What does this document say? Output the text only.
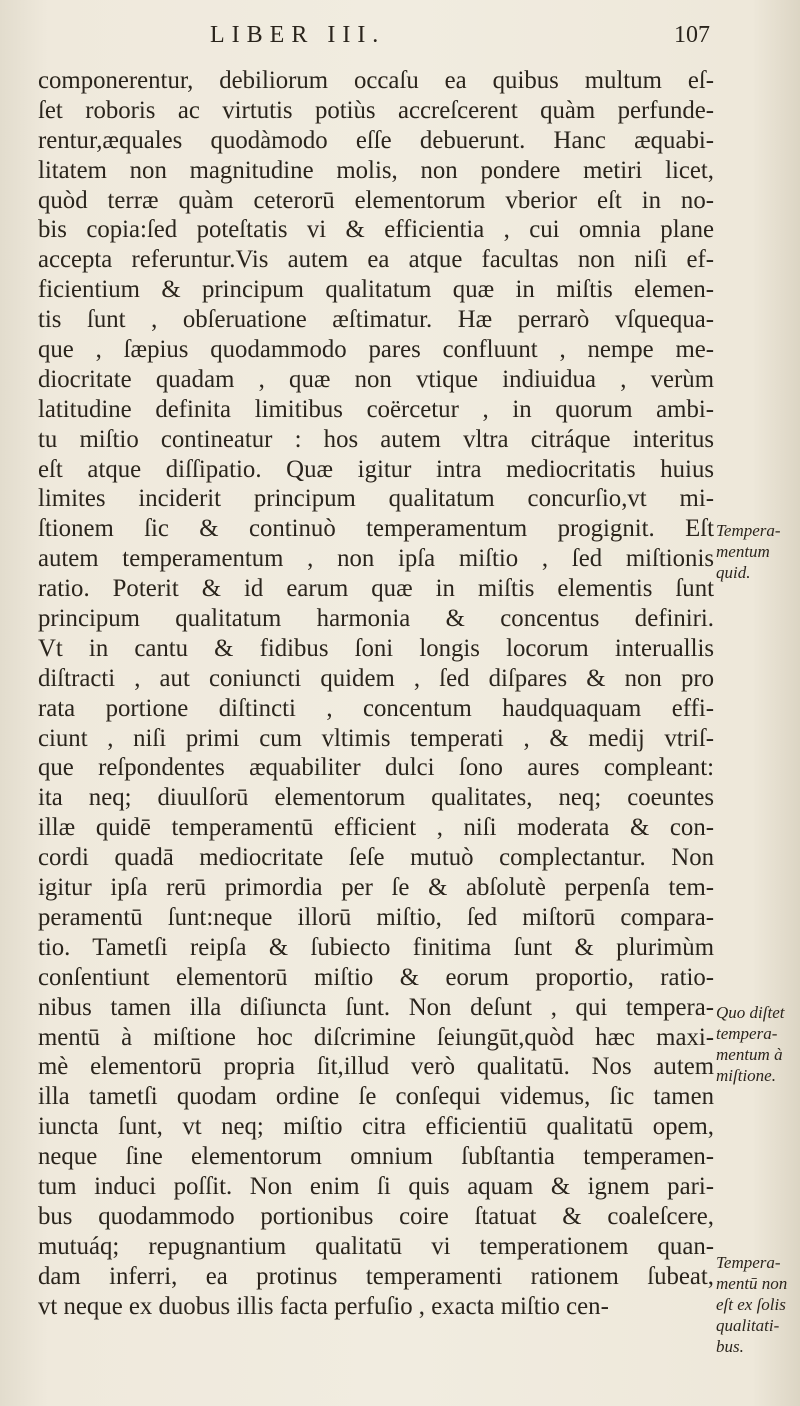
LIBER III.	107
componerentur, debiliorum occaſu ea quibus multum eſ-
ſet roboris ac virtutis potiùs accreſcerent quàm perfunde-
rentur,æquales quodàmodo eſſe debuerunt. Hanc æquabi-
litatem non magnitudine molis, non pondere metiri licet,
quòd terræ quàm ceterorū elementorum vberior eſt in no-
bis copia:ſed poteſtatis vi & efficientia , cui omnia plane
accepta referuntur.Vis autem ea atque facultas non niſi ef-
ficientium & principum qualitatum quæ in miſtis elemen-
tis ſunt , obſeruatione æſtimatur. Hæ perrarò vſquequa-
que , ſæpius quodammodo pares confluunt , nempe me-
diocritate quadam , quæ non vtique indiuidua , verùm
latitudine definita limitibus coërcetur , in quorum ambi-
tu miſtio contineatur : hos autem vltra citráque interitus
eſt atque diſſipatio. Quæ igitur intra mediocritatis huius
limites inciderit principum qualitatum concurſio,vt mi-
ſtionem ſic & continuò temperamentum progignit. Eſt
autem temperamentum , non ipſa miſtio , ſed miſtionis
ratio. Poterit & id earum quæ in miſtis elementis ſunt
principum qualitatum harmonia & concentus definiri.
Vt in cantu & fidibus ſoni longis locorum interuallis
diſtracti , aut coniuncti quidem , ſed diſpares & non pro
rata portione diſtincti , concentum haudquaquam effi-
ciunt , niſi primi cum vltimis temperati , & medij vtriſ-
que reſpondentes æquabiliter dulci ſono aures compleant:
ita neq; diuulſorū elementorum qualitates, neq; coeuntes
illæ quidē temperamentū efficient , niſi moderata & con-
cordi quadā mediocritate ſeſe mutuò complectantur. Non
igitur ipſa rerū primordia per ſe & abſolutè perpenſa tem-
peramentū ſunt:neque illorū miſtio, ſed miſtorū compara-
tio. Tametſi reipſa & ſubiecto finitima ſunt & plurimùm
conſentiunt elementorū miſtio & eorum proportio, ratio-
nibus tamen illa diſiuncta ſunt. Non deſunt , qui tempera-
mentū à miſtione hoc diſcrimine ſeiungūt,quòd hæc maxi-
mè elementorū propria ſit,illud verò qualitatū. Nos autem
illa tametſi quodam ordine ſe conſequi videmus, ſic tamen
iuncta ſunt, vt neq; miſtio citra efficientiū qualitatū opem,
neque ſine elementorum omnium ſubſtantia temperamen-
tum induci poſſit. Non enim ſi quis aquam & ignem pari-
bus quodammodo portionibus coire ſtatuat & coaleſcere,
mutuáq; repugnantium qualitatū vi temperationem quan-
dam inferri, ea protinus temperamenti rationem ſubeat,
vt neque ex duobus illis facta perfuſio , exacta miſtio cen-
Tempera-
mentum
quid.
Quo diſtet
tempera-
mentum à
miſtione.
Tempera-
mentū non
eſt ex ſolis
qualitati-
bus.
